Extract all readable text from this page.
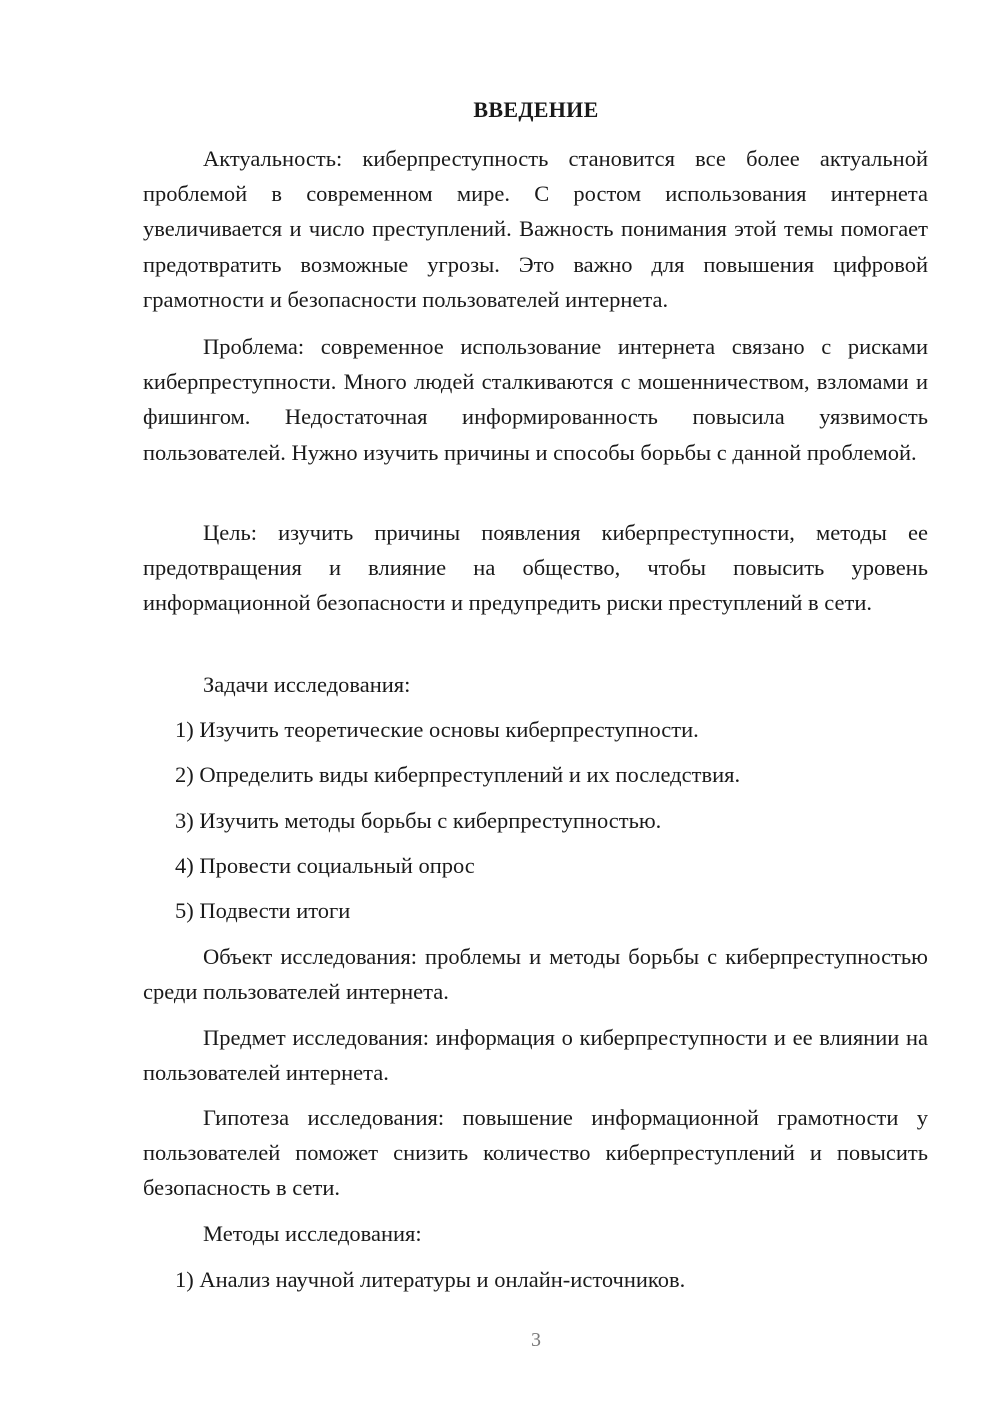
ВВЕДЕНИЕ

Актуальность: киберпреступность становится все более актуальной проблемой в современном мире. С ростом использования интернета увеличивается и число преступлений. Важность понимания этой темы помогает предотвратить возможные угрозы. Это важно для повышения цифровой грамотности и безопасности пользователей интернета.

Проблема: современное использование интернета связано с рисками киберпреступности. Много людей сталкиваются с мошенничеством, взломами и фишингом. Недостаточная информированность повысила уязвимость пользователей. Нужно изучить причины и способы борьбы с данной проблемой.

Цель: изучить причины появления киберпреступности, методы ее предотвращения и влияние на общество, чтобы повысить уровень информационной безопасности и предупредить риски преступлений в сети.

Задачи исследования:

1) Изучить теоретические основы киберпреступности.

2) Определить виды киберпреступлений и их последствия.

3) Изучить методы борьбы с киберпреступностью.

4) Провести социальный опрос

5) Подвести итоги

Объект исследования: проблемы и методы борьбы с киберпреступностью среди пользователей интернета.

Предмет исследования: информация о киберпреступности и ее влиянии на пользователей интернета.

Гипотеза исследования: повышение информационной грамотности у пользователей поможет снизить количество киберпреступлений и повысить безопасность в сети.

Методы исследования:

1) Анализ научной литературы и онлайн-источников.

3
